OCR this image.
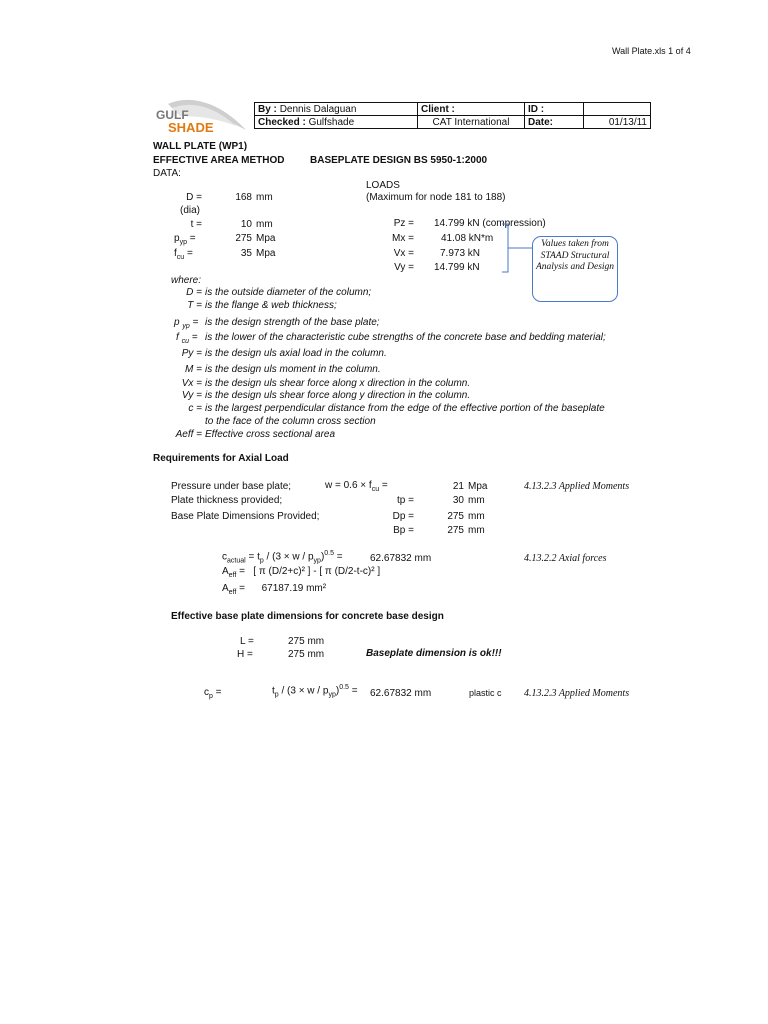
Wall Plate.xls 1 of 4
GULF
SHADE
By : Dennis Dalaguan	Client :	ID :	
Checked : Gulfshade	CAT International	Date:	01/13/11
WALL PLATE (WP1)
EFFECTIVE AREA METHOD	BASEPLATE DESIGN BS 5950-1:2000
DATA:
D =	168 mm
(dia)
t =	10 mm
$p_{yp}$ =	275 Mpa
$f_{cu}$ =	35 Mpa
LOADS
(Maximum for node 181 to 188)
Pz = 14.799 kN (compression)
Mx =	41.08 kN*m
Vx =	7.973 kN
Vy = 14.799 kN
Values taken from STAAD Structural Analysis and Design
where:
D = is the outside diameter of the column;
T = is the flange & web thickness;
p $_{yp}$ = is the design strength of the base plate;
f $_{cu}$ = is the lower of the characteristic cube strengths of the concrete base and bedding material;
Py = is the design uls axial load in the column.
M = is the design uls moment in the column.
Vx = is the design uls shear force along x direction in the column.
Vy = is the design uls shear force along y direction in the column.
c = is the largest perpendicular distance from the edge of the effective portion of the baseplate
to the face of the column cross section
Aeff = Effective cross sectional area
Requirements for Axial Load
Pressure under base plate;	$w = 0.6 \times f_{cu}$ =	21 Mpa	4.13.2.3 Applied Moments
Plate thickness provided;	tp =	30 mm
Base Plate Dimensions Provided;	Dp =	275 mm
Bp =	275 mm
$c_{actual} = t_p / (3 \times w / p_{yp})^{0.5}$ =	62.67832 mm	4.13.2.2 Axial forces
$A_{eff}$ =   [ π (D/2+c)² ] - [ π (D/2-t-c)² ]
$A_{eff}$ =      67187.19 mm²
Effective base plate dimensions for concrete base design
L =	275 mm
H =	275 mm	Baseplate dimension is ok!!!
$c_p$ =	$t_p / (3 \times w / p_{yp})^{0.5} = 62.67832$ mm	plastic c 4.13.2.3 Applied Moments
